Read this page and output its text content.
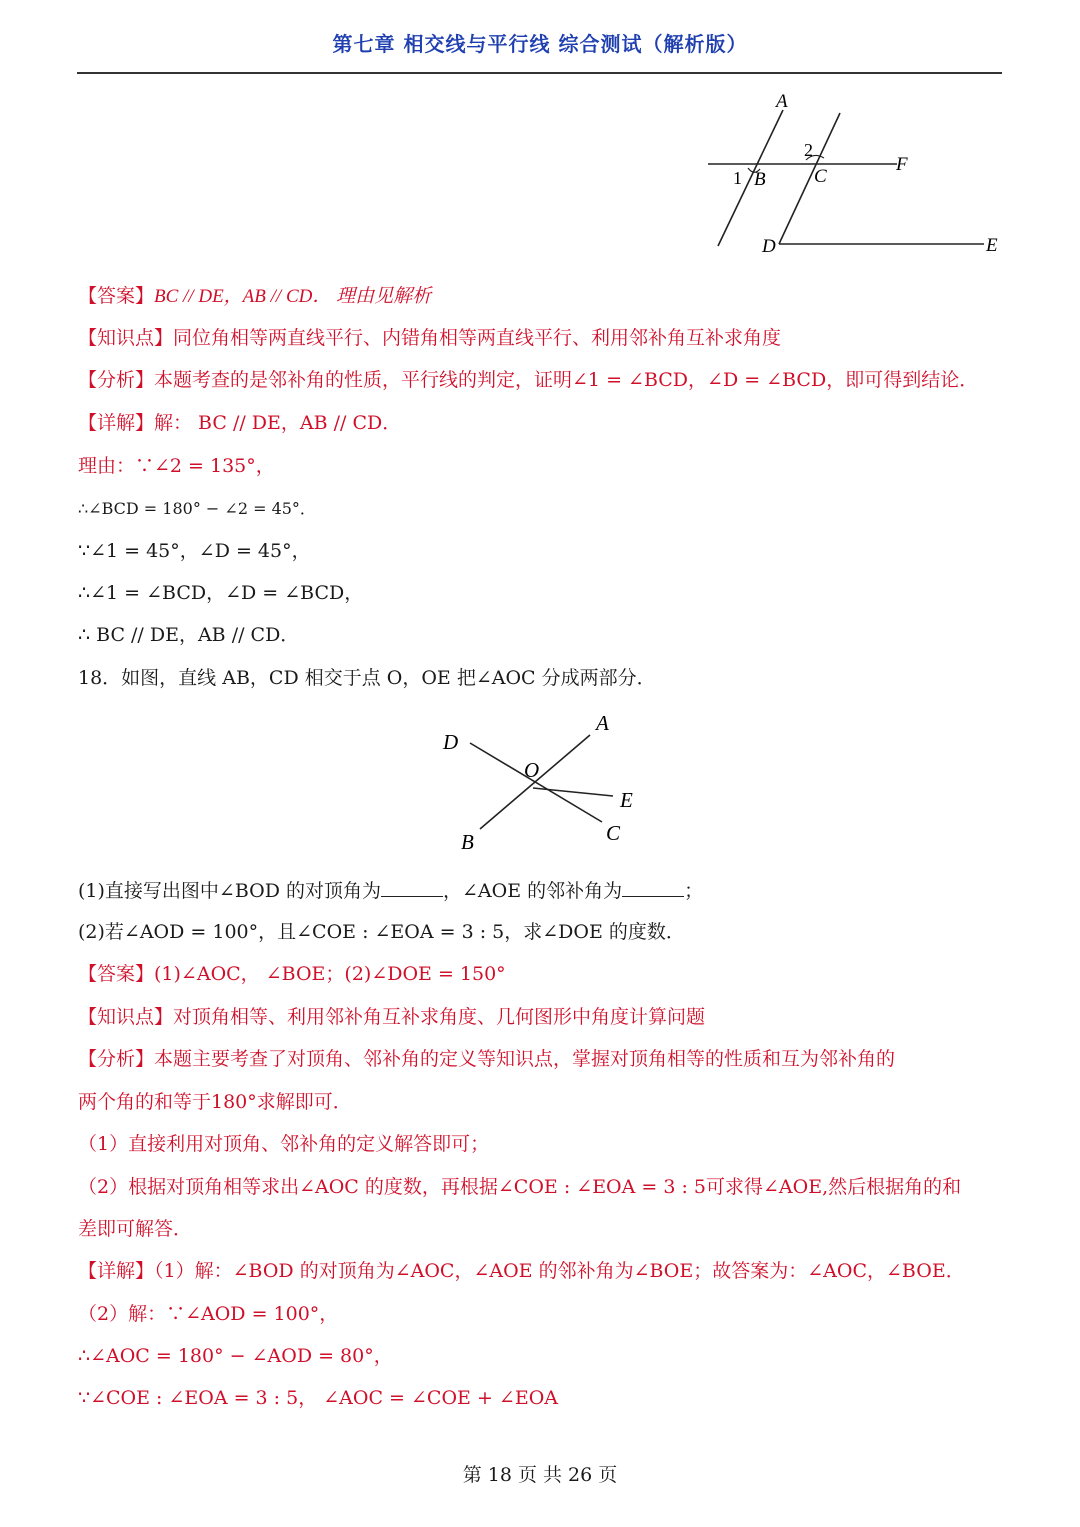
第七章 相交线与平行线 综合测试（解析版）
A
1 B
2
C
F
D	E
【答案】BC // DE，AB // CD． 理由见解析
【知识点】同位角相等两直线平行、内错角相等两直线平行、利用邻补角互补求角度
【分析】本题考查的是邻补角的性质，平行线的判定，证明∠1 = ∠BCD，∠D = ∠BCD，即可得到结论．
【详解】解： BC // DE，AB // CD．
理由：∵∠2 = 135°，
∴∠BCD = 180° − ∠2 = 45°．
∵∠1 = 45°，∠D = 45°，
∴∠1 = ∠BCD，∠D = ∠BCD，
∴ BC // DE，AB // CD．
18．如图，直线 AB，CD 相交于点 O，OE 把∠AOC 分成两部分．
A
D
O
E
C
B
(1)直接写出图中∠BOD 的对顶角为	，∠AOE 的邻补角为	；
(2)若∠AOD = 100°，且∠COE : ∠EOA = 3 : 5，求∠DOE 的度数．
【答案】(1)∠AOC， ∠BOE；(2)∠DOE = 150°
【知识点】对顶角相等、利用邻补角互补求角度、几何图形中角度计算问题
【分析】本题主要考查了对顶角、邻补角的定义等知识点，掌握对顶角相等的性质和互为邻补角的
两个角的和等于180°求解即可．
（1）直接利用对顶角、邻补角的定义解答即可；
（2）根据对顶角相等求出∠AOC 的度数，再根据∠COE : ∠EOA = 3 : 5可求得∠AOE,然后根据角的和
差即可解答．
【详解】（1）解：∠BOD 的对顶角为∠AOC，∠AOE 的邻补角为∠BOE；故答案为：∠AOC，∠BOE．
（2）解：∵∠AOD = 100°，
∴∠AOC = 180° − ∠AOD = 80°，
∵∠COE : ∠EOA = 3 : 5， ∠AOC = ∠COE + ∠EOA
第 18 页 共 26 页
